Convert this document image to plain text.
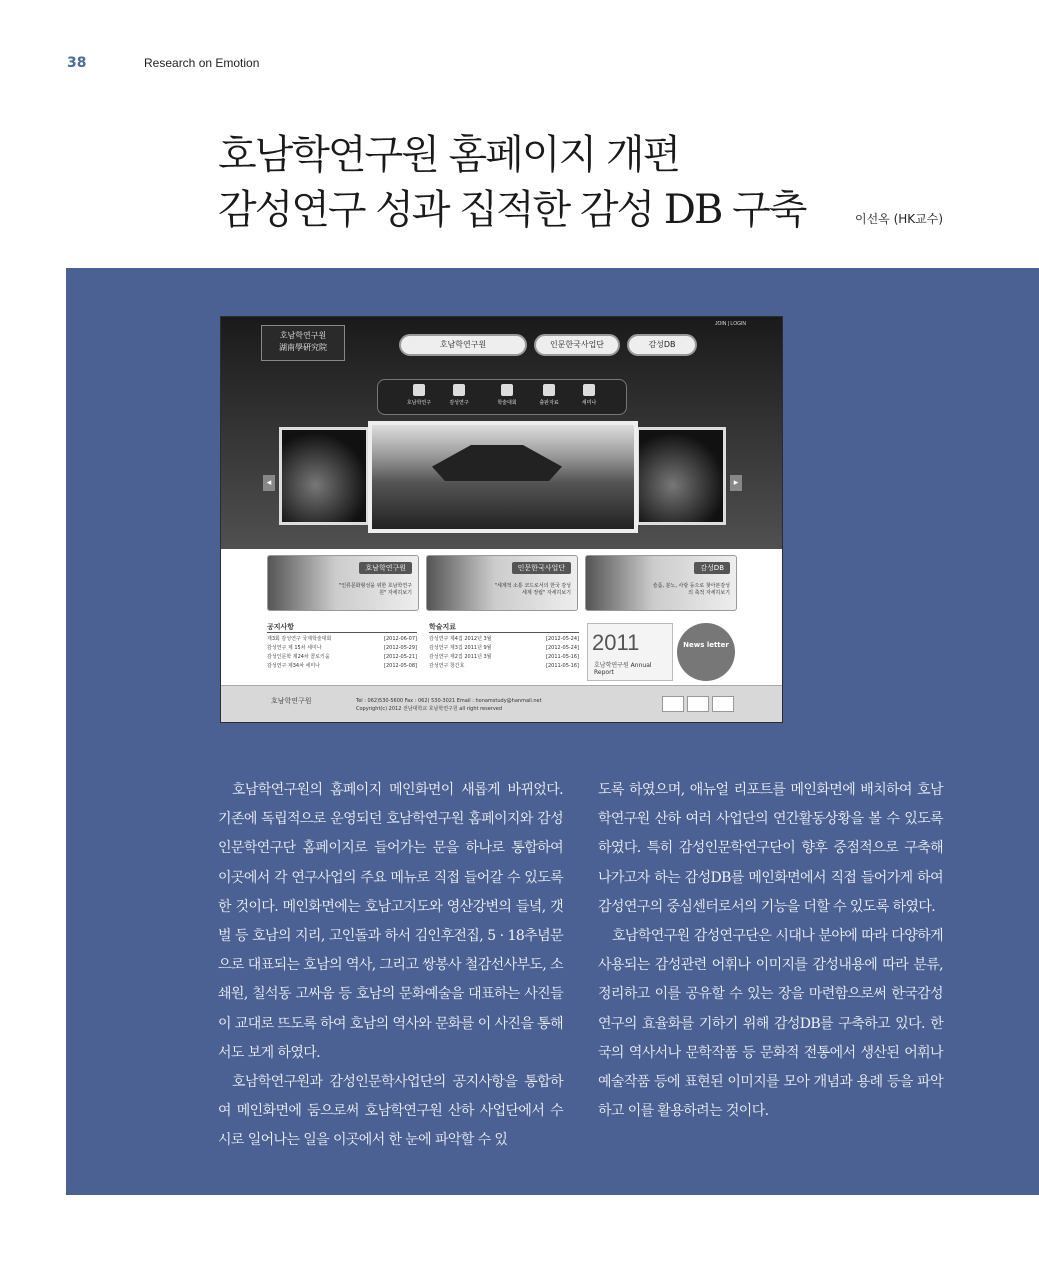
38	Research on Emotion
호남학연구원 홈페이지 개편
감성연구 성과 집적한 감성 DB 구축	이선옥 (HK교수)
JOIN | LOGIN
호남학연구원
湖南學硏究院	호남학연구원	인문한국사업단	감성DB
호남학연구	감성연구	학술대회	출판자료	세미나
◂	▸
호남학연구원
"인류문화형성을 위한 호남학연구원" 자세히보기
인문한국사업단
"세계적 소통 코드로서의 한국 감성 세계 정립" 자세히보기
감성DB
슬픔, 분노, 사랑 등으로 찾아본감성의 축적 자세히보기
공지사항
제3회 감성연구 국제학술대회	[2012-06-07]
감성연구 제 15차 세미나	[2012-05-29]
감성인문학 제24차 콜로키움	[2012-05-21]
감성연구 제34차 세미나	[2012-05-08]
학술지료
감성연구 제4집 2012년 3월	[2012-05-24]
감성연구 제3집 2011년 9월	[2012-05-24]
감성연구 제2집 2011년 3월	[2011-05-16]
감성연구 창간호	[2011-05-16]
2011
호남학연구원 Annual Report
News letter
호남학연구원	Tel : 062)530-5600 Fax : 062) 530-3021 Email : honamstudy@hanmail.net
Copyright(c) 2012 전남대학교 호남학연구원 all right reserved

호남학연구원의 홈페이지 메인화면이 새롭게 바뀌었다. 기존에 독립적으로 운영되던 호남학연구원 홈페이지와 감성인문학연구단 홈페이지로 들어가는 문을 하나로 통합하여 이곳에서 각 연구사업의 주요 메뉴로 직접 들어갈 수 있도록 한 것이다. 메인화면에는 호남고지도와 영산강변의 들녘, 갯벌 등 호남의 지리, 고인돌과 하서 김인후전집, 5 · 18추념문으로 대표되는 호남의 역사, 그리고 쌍봉사 철감선사부도, 소쇄원, 칠석동 고싸움 등 호남의 문화예술을 대표하는 사진들이 교대로 뜨도록 하여 호남의 역사와 문화를 이 사진을 통해서도 보게 하였다.

호남학연구원과 감성인문학사업단의 공지사항을 통합하여 메인화면에 둠으로써 호남학연구원 산하 사업단에서 수시로 일어나는 일을 이곳에서 한 눈에 파악할 수 있

도록 하였으며, 애뉴얼 리포트를 메인화면에 배치하여 호남학연구원 산하 여러 사업단의 연간활동상황을 볼 수 있도록 하였다. 특히 감성인문학연구단이 향후 중점적으로 구축해 나가고자 하는 감성DB를 메인화면에서 직접 들어가게 하여 감성연구의 중심센터로서의 기능을 더할 수 있도록 하였다.

호남학연구원 감성연구단은 시대나 분야에 따라 다양하게 사용되는 감성관련 어휘나 이미지를 감성내용에 따라 분류, 정리하고 이를 공유할 수 있는 장을 마련함으로써 한국감성연구의 효율화를 기하기 위해 감성DB를 구축하고 있다. 한국의 역사서나 문학작품 등 문화적 전통에서 생산된 어휘나 예술작품 등에 표현된 이미지를 모아 개념과 용례 등을 파악하고 이를 활용하려는 것이다.
